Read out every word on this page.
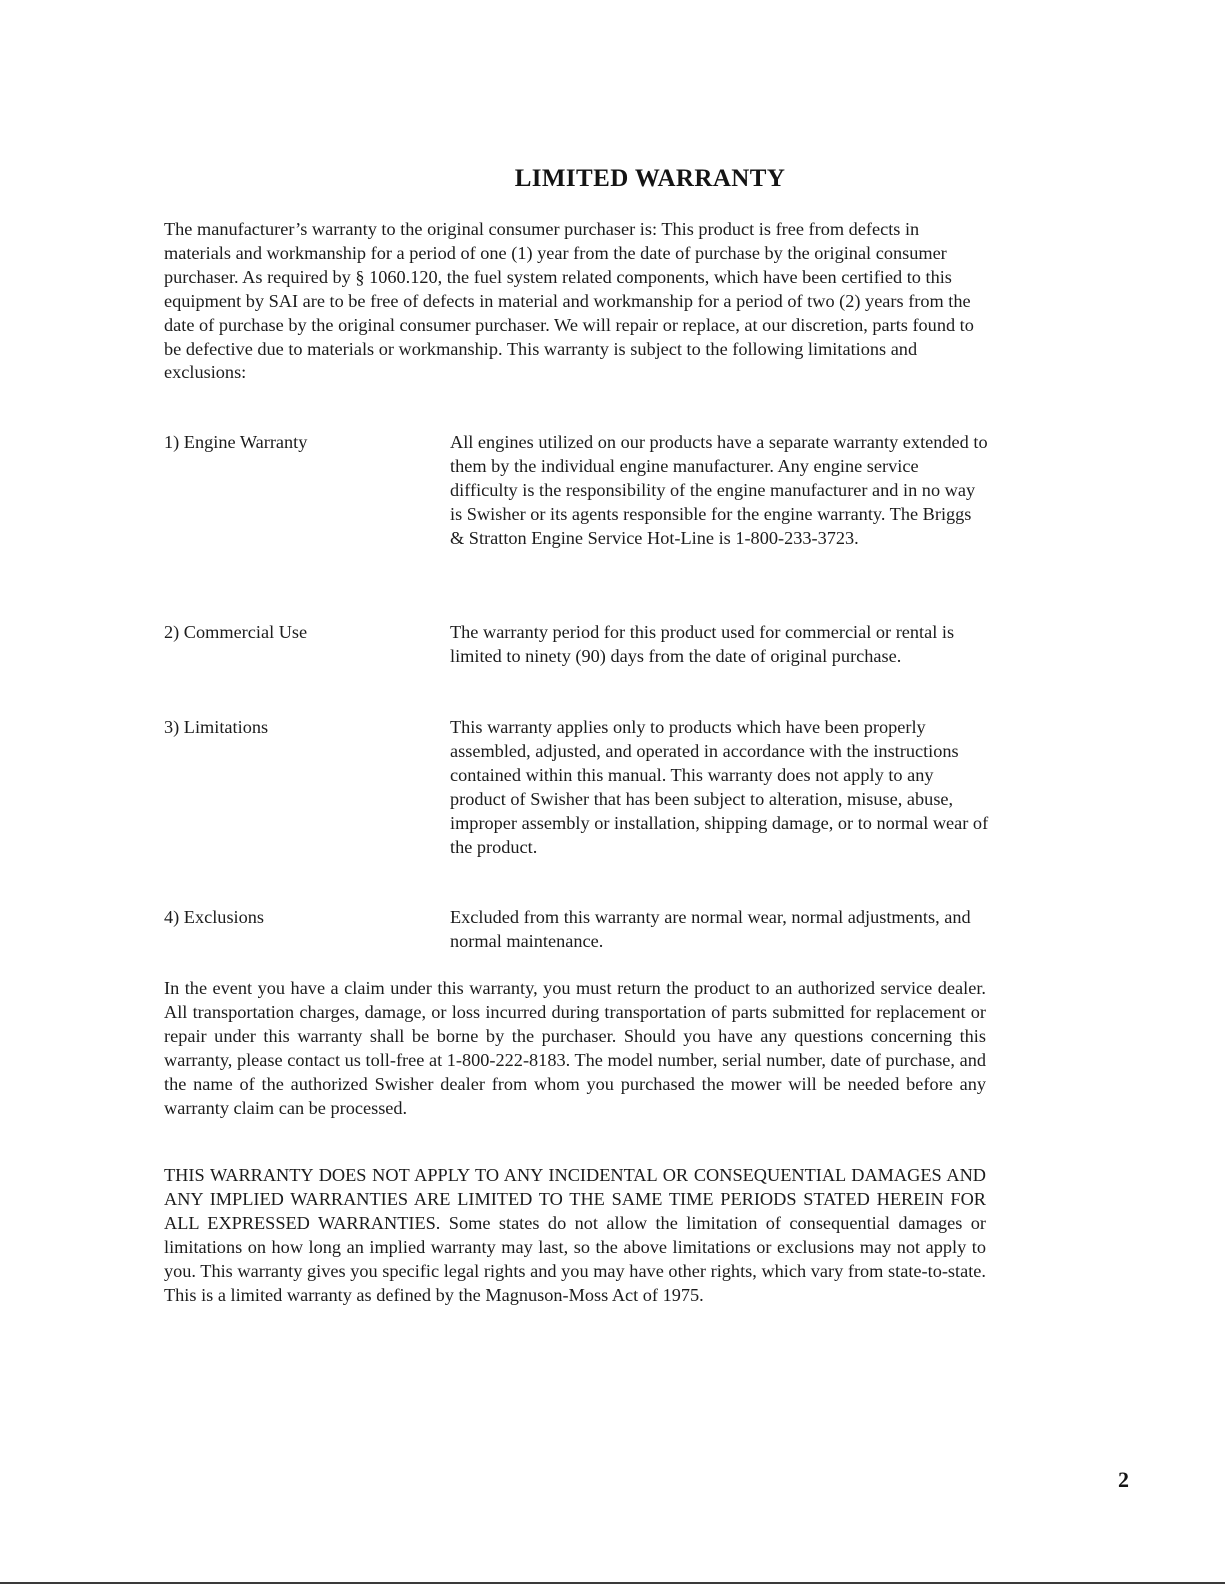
LIMITED WARRANTY
The manufacturer’s warranty to the original consumer purchaser is: This product is free from defects in materials and workmanship for a period of one (1) year from the date of purchase by the original consumer purchaser. As required by § 1060.120, the fuel system related components, which have been certified to this equipment by SAI are to be free of defects in material and workmanship for a period of two (2) years from the date of purchase by the original consumer purchaser. We will repair or replace, at our discretion, parts found to be defective due to materials or workmanship. This warranty is subject to the following limitations and exclusions:
1) Engine Warranty	All engines utilized on our products have a separate warranty extended to them by the individual engine manufacturer. Any engine service difficulty is the responsibility of the engine manufacturer and in no way is Swisher or its agents responsible for the engine warranty. The Briggs & Stratton Engine Service Hot-Line is 1-800-233-3723.
2) Commercial Use	The warranty period for this product used for commercial or rental is limited to ninety (90) days from the date of original purchase.
3) Limitations	This warranty applies only to products which have been properly assembled, adjusted, and operated in accordance with the instructions contained within this manual. This warranty does not apply to any product of Swisher that has been subject to alteration, misuse, abuse, improper assembly or installation, shipping damage, or to normal wear of the product.
4) Exclusions	Excluded from this warranty are normal wear, normal adjustments, and normal maintenance.
In the event you have a claim under this warranty, you must return the product to an authorized service dealer. All transportation charges, damage, or loss incurred during transportation of parts submitted for replacement or repair under this warranty shall be borne by the purchaser. Should you have any questions concerning this warranty, please contact us toll-free at 1-800-222-8183. The model number, serial number, date of purchase, and the name of the authorized Swisher dealer from whom you purchased the mower will be needed before any warranty claim can be processed.
THIS WARRANTY DOES NOT APPLY TO ANY INCIDENTAL OR CONSEQUENTIAL DAMAGES AND ANY IMPLIED WARRANTIES ARE LIMITED TO THE SAME TIME PERIODS STATED HEREIN FOR ALL EXPRESSED WARRANTIES. Some states do not allow the limitation of consequential damages or limitations on how long an implied warranty may last, so the above limitations or exclusions may not apply to you. This warranty gives you specific legal rights and you may have other rights, which vary from state-to-state. This is a limited warranty as defined by the Magnuson-Moss Act of 1975.
2
